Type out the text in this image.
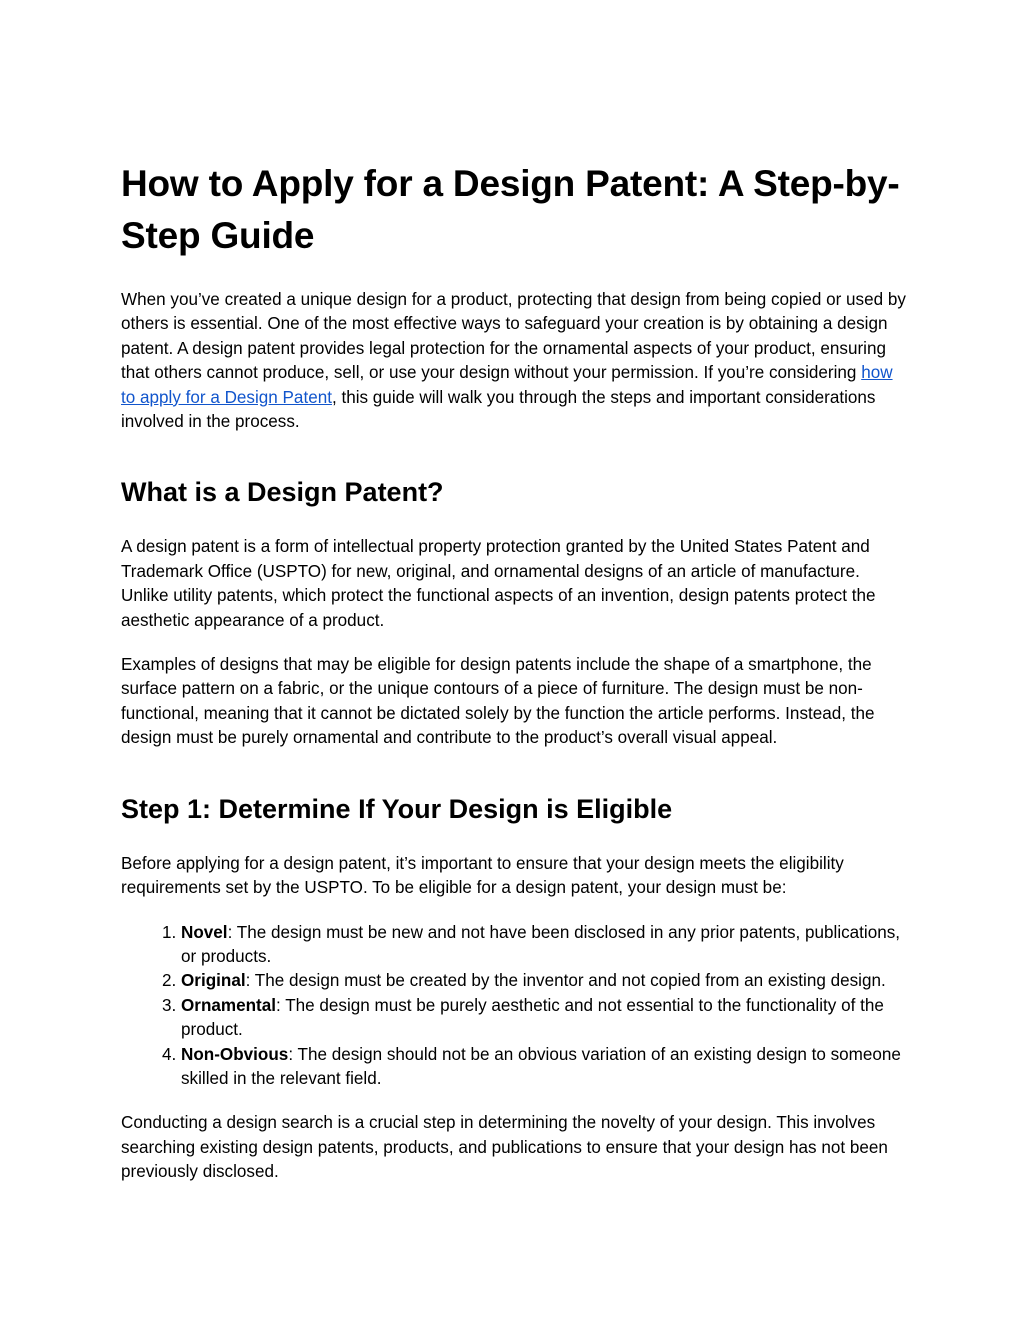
How to Apply for a Design Patent: A Step-by-Step Guide

When you’ve created a unique design for a product, protecting that design from being copied or used by others is essential. One of the most effective ways to safeguard your creation is by obtaining a design patent. A design patent provides legal protection for the ornamental aspects of your product, ensuring that others cannot produce, sell, or use your design without your permission. If you’re considering how to apply for a Design Patent, this guide will walk you through the steps and important considerations involved in the process.

What is a Design Patent?

A design patent is a form of intellectual property protection granted by the United States Patent and Trademark Office (USPTO) for new, original, and ornamental designs of an article of manufacture. Unlike utility patents, which protect the functional aspects of an invention, design patents protect the aesthetic appearance of a product.

Examples of designs that may be eligible for design patents include the shape of a smartphone, the surface pattern on a fabric, or the unique contours of a piece of furniture. The design must be non-functional, meaning that it cannot be dictated solely by the function the article performs. Instead, the design must be purely ornamental and contribute to the product’s overall visual appeal.

Step 1: Determine If Your Design is Eligible

Before applying for a design patent, it’s important to ensure that your design meets the eligibility requirements set by the USPTO. To be eligible for a design patent, your design must be:

1. Novel: The design must be new and not have been disclosed in any prior patents, publications, or products.
2. Original: The design must be created by the inventor and not copied from an existing design.
3. Ornamental: The design must be purely aesthetic and not essential to the functionality of the product.
4. Non-Obvious: The design should not be an obvious variation of an existing design to someone skilled in the relevant field.

Conducting a design search is a crucial step in determining the novelty of your design. This involves searching existing design patents, products, and publications to ensure that your design has not been previously disclosed.
